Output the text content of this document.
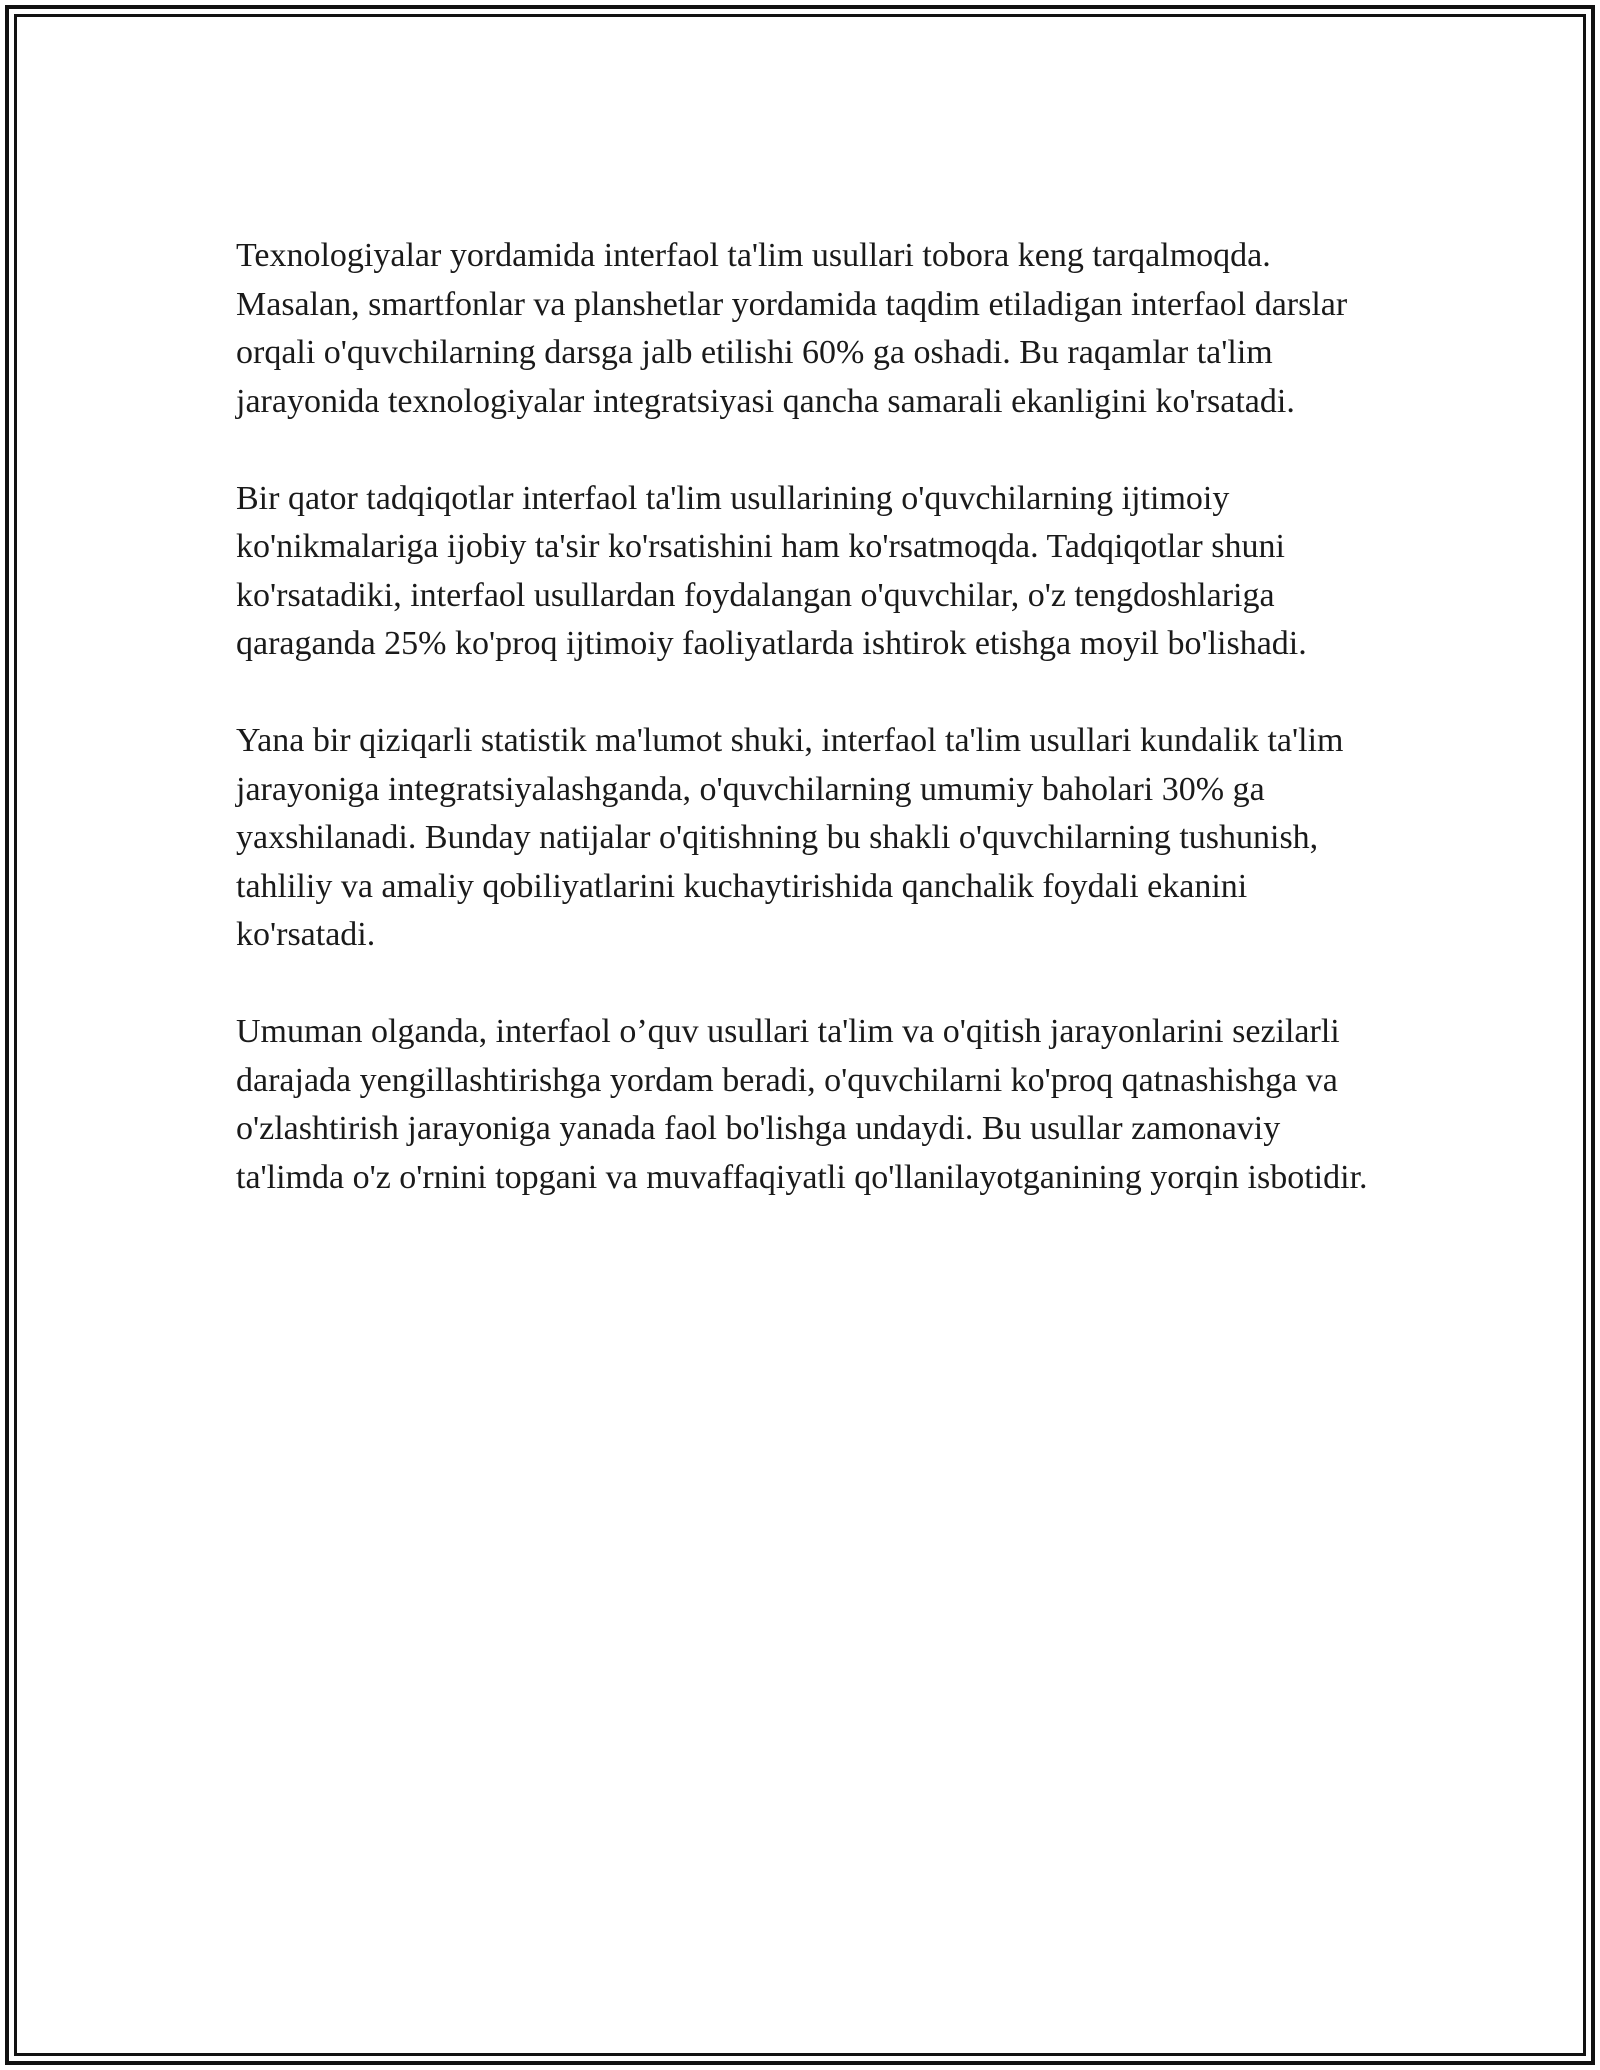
Texnologiyalar yordamida interfaol ta'lim usullari tobora keng tarqalmoqda. Masalan, smartfonlar va planshetlar yordamida taqdim etiladigan interfaol darslar orqali o'quvchilarning darsga jalb etilishi 60% ga oshadi. Bu raqamlar ta'lim jarayonida texnologiyalar integratsiyasi qancha samarali ekanligini ko'rsatadi.

Bir qator tadqiqotlar interfaol ta'lim usullarining o'quvchilarning ijtimoiy ko'nikmalariga ijobiy ta'sir ko'rsatishini ham ko'rsatmoqda. Tadqiqotlar shuni ko'rsatadiki, interfaol usullardan foydalangan o'quvchilar, o'z tengdoshlariga qaraganda 25% ko'proq ijtimoiy faoliyatlarda ishtirok etishga moyil bo'lishadi.

Yana bir qiziqarli statistik ma'lumot shuki, interfaol ta'lim usullari kundalik ta'lim jarayoniga integratsiyalashganda, o'quvchilarning umumiy baholari 30% ga yaxshilanadi. Bunday natijalar o'qitishning bu shakli o'quvchilarning tushunish, tahliliy va amaliy qobiliyatlarini kuchaytirishida qanchalik foydali ekanini ko'rsatadi.

Umuman olganda, interfaol o’quv usullari ta'lim va o'qitish jarayonlarini sezilarli darajada yengillashtirishga yordam beradi, o'quvchilarni ko'proq qatnashishga va o'zlashtirish jarayoniga yanada faol bo'lishga undaydi. Bu usullar zamonaviy ta'limda o'z o'rnini topgani va muvaffaqiyatli qo'llanilayotganining yorqin isbotidir.
